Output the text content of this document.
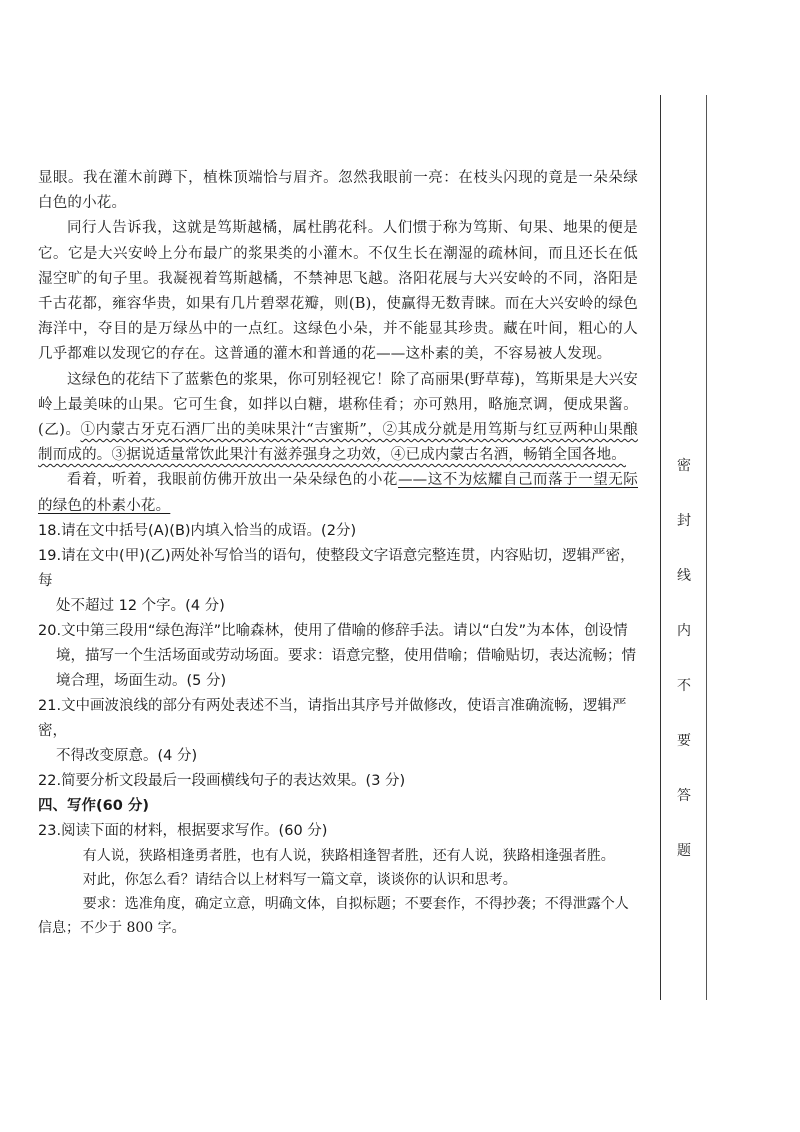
显眼。我在灌木前蹲下，植株顶端恰与眉齐。忽然我眼前一亮：在枝头闪现的竟是一朵朵绿白色的小花。

同行人告诉我，这就是笃斯越橘，属杜鹃花科。人们惯于称为笃斯、旬果、地果的便是它。它是大兴安岭上分布最广的浆果类的小灌木。不仅生长在潮湿的疏林间，而且还长在低湿空旷的旬子里。我凝视着笃斯越橘，不禁神思飞越。洛阳花展与大兴安岭的不同，洛阳是千古花都，雍容华贵，如果有几片碧翠花瓣，则(B)，使赢得无数青睐。而在大兴安岭的绿色海洋中，夺目的是万绿丛中的一点红。这绿色小朵，并不能显其珍贵。藏在叶间，粗心的人几乎都难以发现它的存在。这普通的灌木和普通的花——这朴素的美，不容易被人发现。

这绿色的花结下了蓝紫色的浆果，你可别轻视它！除了高丽果(野草莓)，笃斯果是大兴安岭上最美味的山果。它可生食，如拌以白糖，堪称佳肴；亦可熟用，略施烹调，便成果酱。(乙)。①内蒙古牙克石酒厂出的美味果汁“吉蜜斯”，②其成分就是用笃斯与红豆两种山果酿制而成的。③据说适量常饮此果汁有滋养强身之功效，④已成内蒙古名酒，畅销全国各地。

看着，听着，我眼前仿佛开放出一朵朵绿色的小花——这不为炫耀自己而落于一望无际的绿色的朴素小花。

18.请在文中括号(A)(B)内填入恰当的成语。(2分)

19.请在文中(甲)(乙)两处补写恰当的语句，使整段文字语意完整连贯，内容贴切，逻辑严密，每
处不超过 12 个字。(4 分)

20.文中第三段用“绿色海洋”比喻森林，使用了借喻的修辞手法。请以“白发”为本体，创设情
境，描写一个生活场面或劳动场面。要求：语意完整，使用借喻；借喻贴切，表达流畅；情境合理，场面生动。(5 分)

21.文中画波浪线的部分有两处表述不当，请指出其序号并做修改，使语言准确流畅，逻辑严密，
不得改变原意。(4 分)

22.简要分析文段最后一段画横线句子的表达效果。(3 分)

四、写作(60 分)

23.阅读下面的材料，根据要求写作。(60 分)

有人说，狭路相逢勇者胜，也有人说，狭路相逢智者胜，还有人说，狭路相逢强者胜。

对此，你怎么看？请结合以上材料写一篇文章，谈谈你的认识和思考。

要求：选准角度，确定立意，明确文体，自拟标题；不要套作，不得抄袭；不得泄露个人信息；不少于 800 字。

密
封
线
内
不
要
答
题
